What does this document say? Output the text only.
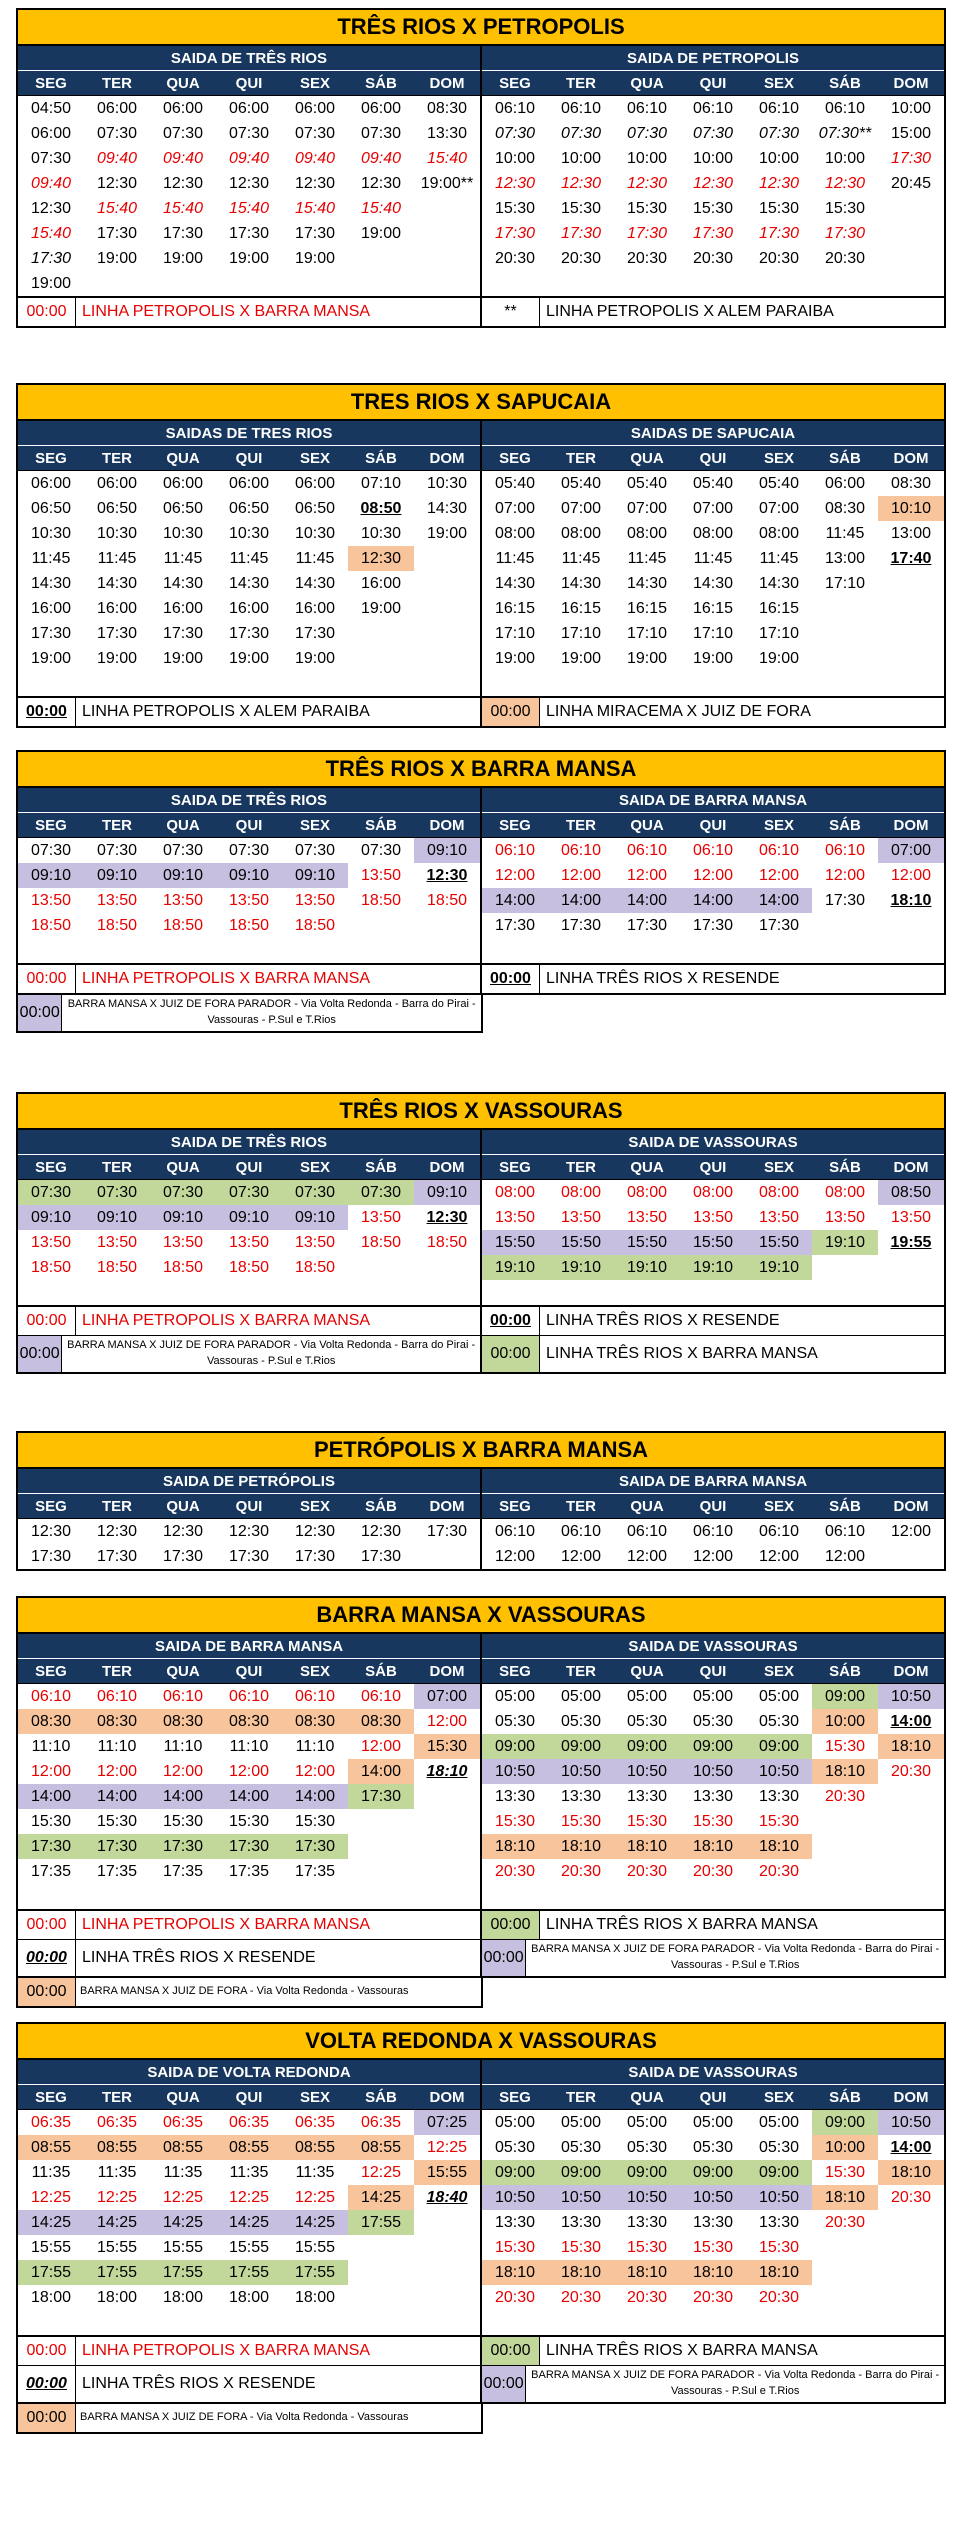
TRÊS RIOS X PETROPOLIS
SAIDA DE TRÊS RIOS
SEG	TER	QUA	QUI	SEX	SÁB	DOM
04:50	06:00	06:00	06:00	06:00	06:00	08:30
06:00	07:30	07:30	07:30	07:30	07:30	13:30
07:30	09:40	09:40	09:40	09:40	09:40	15:40
09:40	12:30	12:30	12:30	12:30	12:30	19:00**
12:30	15:40	15:40	15:40	15:40	15:40
15:40	17:30	17:30	17:30	17:30	19:00
17:30	19:00	19:00	19:00	19:00
19:00
SAIDA DE PETROPOLIS
SEG	TER	QUA	QUI	SEX	SÁB	DOM
06:10	06:10	06:10	06:10	06:10	06:10	10:00
07:30	07:30	07:30	07:30	07:30	07:30**	15:00
10:00	10:00	10:00	10:00	10:00	10:00	17:30
12:30	12:30	12:30	12:30	12:30	12:30	20:45
15:30	15:30	15:30	15:30	15:30	15:30
17:30	17:30	17:30	17:30	17:30	17:30
20:30	20:30	20:30	20:30	20:30	20:30
00:00 LINHA PETROPOLIS X BARRA MANSA	**	LINHA PETROPOLIS X ALEM PARAIBA
TRES RIOS X SAPUCAIA
SAIDAS DE TRES RIOS
SEG	TER	QUA	QUI	SEX	SÁB	DOM
06:00	06:00	06:00	06:00	06:00	07:10	10:30
06:50	06:50	06:50	06:50	06:50	08:50	14:30
10:30	10:30	10:30	10:30	10:30	10:30	19:00
11:45	11:45	11:45	11:45	11:45	12:30
14:30	14:30	14:30	14:30	14:30	16:00
16:00	16:00	16:00	16:00	16:00	19:00
17:30	17:30	17:30	17:30	17:30
19:00	19:00	19:00	19:00	19:00
SAIDAS DE SAPUCAIA
SEG	TER	QUA	QUI	SEX	SÁB	DOM
05:40	05:40	05:40	05:40	05:40	06:00	08:30
07:00	07:00	07:00	07:00	07:00	08:30	10:10
08:00	08:00	08:00	08:00	08:00	11:45	13:00
11:45	11:45	11:45	11:45	11:45	13:00	17:40
14:30	14:30	14:30	14:30	14:30	17:10
16:15	16:15	16:15	16:15	16:15
17:10	17:10	17:10	17:10	17:10
19:00	19:00	19:00	19:00	19:00
00:00 LINHA PETROPOLIS X ALEM PARAIBA	00:00 LINHA MIRACEMA X JUIZ DE FORA
TRÊS RIOS X BARRA MANSA
SAIDA DE TRÊS RIOS
SEG	TER	QUA	QUI	SEX	SÁB	DOM
07:30	07:30	07:30	07:30	07:30	07:30	09:10
09:10	09:10	09:10	09:10	09:10	13:50	12:30
13:50	13:50	13:50	13:50	13:50	18:50	18:50
18:50	18:50	18:50	18:50	18:50
SAIDA DE BARRA MANSA
SEG	TER	QUA	QUI	SEX	SÁB	DOM
06:10	06:10	06:10	06:10	06:10	06:10	07:00
12:00	12:00	12:00	12:00	12:00	12:00	12:00
14:00	14:00	14:00	14:00	14:00	17:30	18:10
17:30	17:30	17:30	17:30	17:30
00:00 LINHA PETROPOLIS X BARRA MANSA	00:00 LINHA TRÊS RIOS X RESENDE
00:00 BARRA MANSA X JUIZ DE FORA PARADOR - Via Volta Redonda - Barra do Pirai - Vassouras - P.Sul e T.Rios
TRÊS RIOS X VASSOURAS
SAIDA DE TRÊS RIOS
SEG	TER	QUA	QUI	SEX	SÁB	DOM
07:30	07:30	07:30	07:30	07:30	07:30	09:10
09:10	09:10	09:10	09:10	09:10	13:50	12:30
13:50	13:50	13:50	13:50	13:50	18:50	18:50
18:50	18:50	18:50	18:50	18:50
SAIDA DE VASSOURAS
SEG	TER	QUA	QUI	SEX	SÁB	DOM
08:00	08:00	08:00	08:00	08:00	08:00	08:50
13:50	13:50	13:50	13:50	13:50	13:50	13:50
15:50	15:50	15:50	15:50	15:50	19:10	19:55
19:10	19:10	19:10	19:10	19:10
00:00 LINHA PETROPOLIS X BARRA MANSA	00:00 LINHA TRÊS RIOS X RESENDE
00:00 BARRA MANSA X JUIZ DE FORA PARADOR - Via Volta Redonda - Barra do Pirai - Vassouras - P.Sul e T.Rios	00:00 LINHA TRÊS RIOS X BARRA MANSA
PETRÓPOLIS X BARRA MANSA
SAIDA DE PETRÓPOLIS
SEG	TER	QUA	QUI	SEX	SÁB	DOM
12:30	12:30	12:30	12:30	12:30	12:30	17:30
17:30	17:30	17:30	17:30	17:30	17:30
SAIDA DE BARRA MANSA
SEG	TER	QUA	QUI	SEX	SÁB	DOM
06:10	06:10	06:10	06:10	06:10	06:10	12:00
12:00	12:00	12:00	12:00	12:00	12:00
BARRA MANSA X VASSOURAS
SAIDA DE BARRA MANSA
SEG	TER	QUA	QUI	SEX	SÁB	DOM
06:10	06:10	06:10	06:10	06:10	06:10	07:00
08:30	08:30	08:30	08:30	08:30	08:30	12:00
11:10	11:10	11:10	11:10	11:10	12:00	15:30
12:00	12:00	12:00	12:00	12:00	14:00	18:10
14:00	14:00	14:00	14:00	14:00	17:30
15:30	15:30	15:30	15:30	15:30
17:30	17:30	17:30	17:30	17:30
17:35	17:35	17:35	17:35	17:35
SAIDA DE VASSOURAS
SEG	TER	QUA	QUI	SEX	SÁB	DOM
05:00	05:00	05:00	05:00	05:00	09:00	10:50
05:30	05:30	05:30	05:30	05:30	10:00	14:00
09:00	09:00	09:00	09:00	09:00	15:30	18:10
10:50	10:50	10:50	10:50	10:50	18:10	20:30
13:30	13:30	13:30	13:30	13:30	20:30
15:30	15:30	15:30	15:30	15:30
18:10	18:10	18:10	18:10	18:10
20:30	20:30	20:30	20:30	20:30
00:00 LINHA PETROPOLIS X BARRA MANSA	00:00 LINHA TRÊS RIOS X BARRA MANSA
00:00 LINHA TRÊS RIOS X RESENDE	00:00 BARRA MANSA X JUIZ DE FORA PARADOR - Via Volta Redonda - Barra do Pirai - Vassouras - P.Sul e T.Rios
00:00	BARRA MANSA X JUIZ DE FORA - Via Volta Redonda - Vassouras
VOLTA REDONDA X VASSOURAS
SAIDA DE VOLTA REDONDA
SEG	TER	QUA	QUI	SEX	SÁB	DOM
06:35	06:35	06:35	06:35	06:35	06:35	07:25
08:55	08:55	08:55	08:55	08:55	08:55	12:25
11:35	11:35	11:35	11:35	11:35	12:25	15:55
12:25	12:25	12:25	12:25	12:25	14:25	18:40
14:25	14:25	14:25	14:25	14:25	17:55
15:55	15:55	15:55	15:55	15:55
17:55	17:55	17:55	17:55	17:55
18:00	18:00	18:00	18:00	18:00
SAIDA DE VASSOURAS
SEG	TER	QUA	QUI	SEX	SÁB	DOM
05:00	05:00	05:00	05:00	05:00	09:00	10:50
05:30	05:30	05:30	05:30	05:30	10:00	14:00
09:00	09:00	09:00	09:00	09:00	15:30	18:10
10:50	10:50	10:50	10:50	10:50	18:10	20:30
13:30	13:30	13:30	13:30	13:30	20:30
15:30	15:30	15:30	15:30	15:30
18:10	18:10	18:10	18:10	18:10
20:30	20:30	20:30	20:30	20:30
00:00 LINHA PETROPOLIS X BARRA MANSA	00:00 LINHA TRÊS RIOS X BARRA MANSA
00:00 LINHA TRÊS RIOS X RESENDE	00:00 BARRA MANSA X JUIZ DE FORA PARADOR - Via Volta Redonda - Barra do Pirai - Vassouras - P.Sul e T.Rios
00:00	BARRA MANSA X JUIZ DE FORA - Via Volta Redonda - Vassouras
